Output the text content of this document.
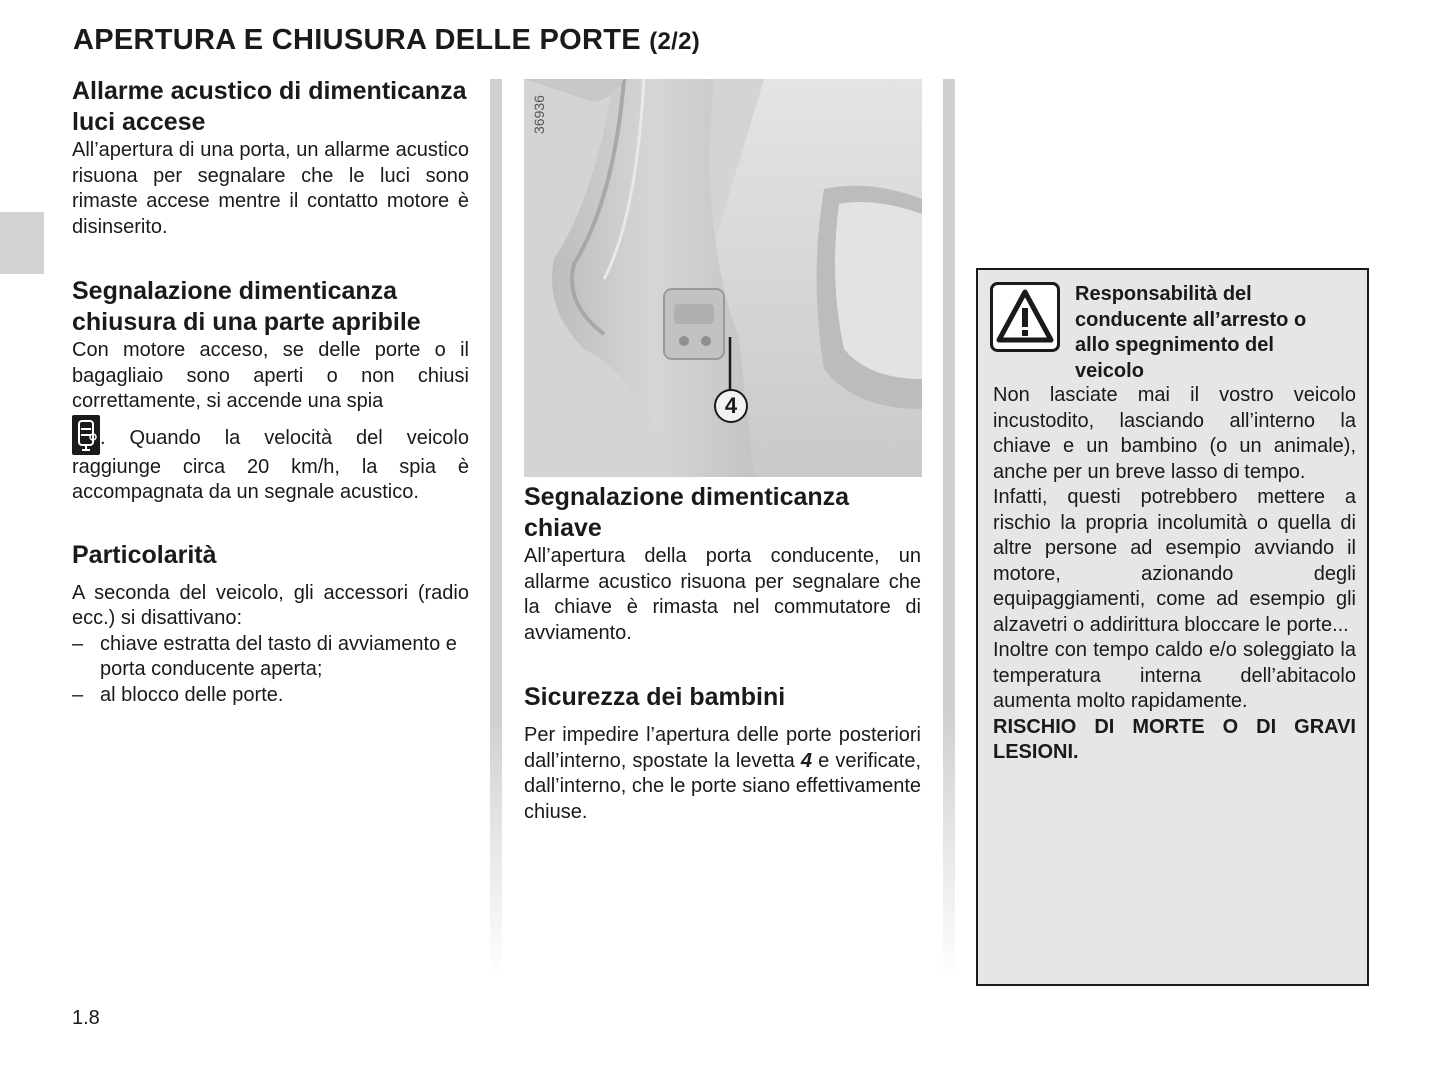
APERTURA E CHIUSURA DELLE PORTE (2/2)
Allarme acustico di dimenticanza luci accese

All’apertura di una porta, un allarme acustico risuona per segnalare che le luci sono rimaste accese mentre il contatto motore è disinserito.

Segnalazione dimenticanza chiusura di una parte apribile

Con motore acceso, se delle porte o il bagagliaio sono aperti o non chiusi correttamente, si accende una spia

. Quando la velocità del veicolo raggiunge circa 20 km/h, la spia è accompagnata da un segnale acustico.

Particolarità

A seconda del veicolo, gli accessori (radio ecc.) si disattivano:

– chiave estratta del tasto di avviamento e porta conducente aperta;
– al blocco delle porte.
4
36936
Segnalazione dimenticanza chiave

All’apertura della porta conducente, un allarme acustico risuona per segnalare che la chiave è rimasta nel commutatore di avviamento.

Sicurezza dei bambini

Per impedire l’apertura delle porte posteriori dall’interno, spostate la levetta 4 e verificate, dall’interno, che le porte siano effettivamente chiuse.

Responsabilità del conducente all’arresto o allo spegnimento del veicolo

Non lasciate mai il vostro veicolo incustodito, lasciando all’interno la chiave e un bambino (o un animale), anche per un breve lasso di tempo.

Infatti, questi potrebbero mettere a rischio la propria incolumità o quella di altre persone ad esempio avviando il motore, azionando degli equipaggiamenti, come ad esempio gli alzavetri o addirittura bloccare le porte...

Inoltre con tempo caldo e/o soleggiato la temperatura interna dell’abitacolo aumenta molto rapidamente.

RISCHIO DI MORTE O DI GRAVI LESIONI.

1.8
